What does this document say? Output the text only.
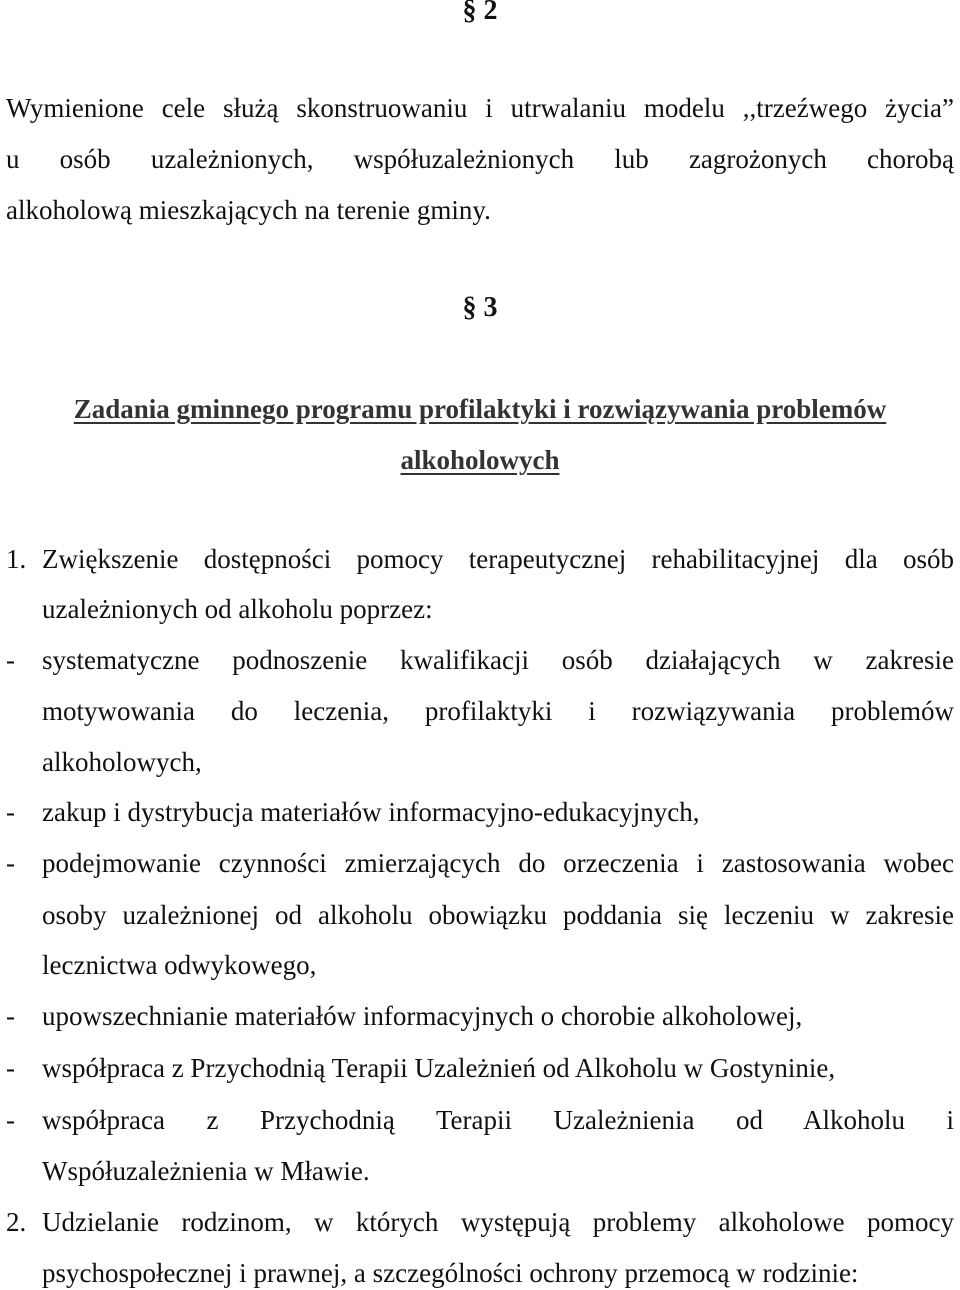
§ 2
Wymienione cele służą skonstruowaniu i utrwalaniu modelu ,,trzeźwego życia”
u osób uzależnionych, współuzależnionych lub zagrożonych chorobą
alkoholową mieszkających na terenie gminy.
§ 3
Zadania gminnego programu profilaktyki i rozwiązywania problemów
alkoholowych
1. Zwiększenie dostępności pomocy terapeutycznej rehabilitacyjnej dla osób
uzależnionych od alkoholu poprzez:
- systematyczne podnoszenie kwalifikacji osób działających w zakresie
motywowania do leczenia, profilaktyki i rozwiązywania problemów
alkoholowych,
- zakup i dystrybucja materiałów informacyjno-edukacyjnych,
- podejmowanie czynności zmierzających do orzeczenia i zastosowania wobec
osoby uzależnionej od alkoholu obowiązku poddania się leczeniu w zakresie
lecznictwa odwykowego,
- upowszechnianie materiałów informacyjnych o chorobie alkoholowej,
- współpraca z Przychodnią Terapii Uzależnień od Alkoholu w Gostyninie,
- współpraca z Przychodnią Terapii Uzależnienia od Alkoholu i
Współuzależnienia w Mławie.
2. Udzielanie rodzinom, w których występują problemy alkoholowe pomocy
psychospołecznej i prawnej, a szczególności ochrony przemocą w rodzinie:
